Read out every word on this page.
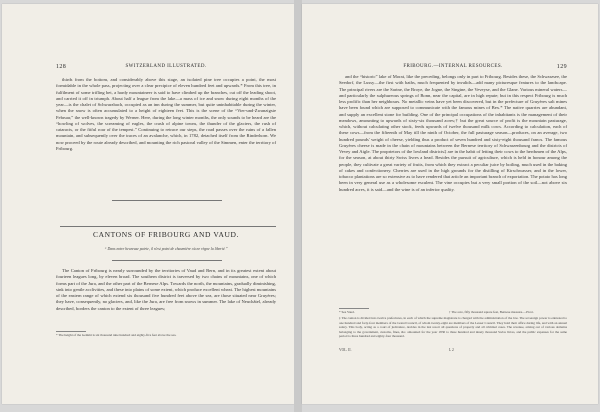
128	SWITZERLAND ILLUSTRATED.

thirds from the bottom, and considerably above this stage, an isolated pine tree occupies a point, the most formidable in the whole pass, projecting over a clear precipice of eleven hundred feet and upwards.* From this tree, in fulfilment of some trifling bet, a hardy mountaineer is said to have climbed up the branches, cut off the leading shoot, and carried it off in triumph. About half a league from the lake—a mass of ice and snow during eight months of the year—is the chalet of Schwarzbach, occupied as an inn during the summer, but quite uninhabitable during the winter, when the snow is often accumulated to a height of eighteen feet. This is the scene of the “Vier-und-Zwanzigste Februar,” the well-known tragedy by Werner. Here, during the long winter months, the only sounds to be heard are the “howling of wolves, the screaming of eagles, the crash of alpine towns, the thunder of the glaciers, the rush of cataracts, or the fitful roar of the tempest.” Continuing to retrace our steps, the road passes over the ruins of a fallen mountain, and subsequently over the traces of an avalanche, which, in 1782, detached itself from the Rinderhorn. We now proceed by the route already described, and mounting the rich pastoral valley of the Simmen, enter the territory of Fribourg.

CANTONS OF FRIBOURG AND VAUD.
“ Dans notre heureuse patrie, il n'est point de chaumière où ne règne la liberté.”

The Canton of Fribourg is nearly surrounded by the territories of Vaud and Bern, and in its greatest extent about fourteen leagues long, by eleven broad. The southern district is traversed by two chains of mountains, one of which forms part of the Jura, and the other part of the Bernese Alps. Towards the north, the mountains, gradually diminishing, sink into gentle acclivities, and these into plains of some extent, which produce excellent wheat. The highest mountains of the eastern range of which extend six thousand five hundred feet above the sea, are those situated near Gruyères; they have, consequently, no glaciers, and, like the Jura, are free from snows in summer. The lake of Neuchâtel, already described, borders the canton to the extent of three leagues;

* The height of the Gemmi is six thousand nine hundred and eighty-five feet above the sea.
FRIBOURG.—INTERNAL RESOURCES.	129

and the “historic” lake of Morat, like the preceding, belongs only in part to Fribourg. Besides these, the Schwarzsee, the Seedorf, the Lussy—the first with baths, much frequented by invalids—add many picturesque features to the landscape. The principal rivers are the Sarine, the Broye, the Jogne, the Singine, the Veveyse, and the Glane. Various mineral waters—and particularly the sulphureous springs of Bonn, near the capital, are in high repute; but in this respect Fribourg is much less prolific than her neighbours. No metallic veins have yet been discovered, but in the prefecture of Gruyères salt mines have been found which are supposed to communicate with the famous mines of Bex.* The native quarries are abundant, and supply an excellent stone for building. One of the principal occupations of the inhabitants is the management of their meadows, amounting to upwards of sixty-six thousand acres;† but the great source of profit is the mountain pasturage, which, without calculating other stock, feeds upwards of twelve thousand milk cows. According to calculation, each of these cows—from the fifteenth of May till the ninth of October, the full pasturage season—produces, on an average, two hundred pounds' weight of cheese, yielding thus a product of seven hundred and sixty-eight thousand francs. The famous Gruyères cheese is made in the chain of mountains between the Bernese territory of Schwarzenbourg and the districts of Vevey and Aigle. The proprietors of the lowland districts‡ are in the habit of letting their cows to the herdsmen of the Alps, for the season, at about thirty Swiss livres a head. Besides the pursuit of agriculture, which is held in honour among the people, they cultivate a great variety of fruits, from which they extract a peculiar juice by boiling, much used in the baking of cakes and confectionery. Cherries are used in the high grounds for the distilling of Kirschwasser, and in the lower, tobacco plantations are so extensive as to have rendered that article an important branch of exportation. The potato has long been in very general use as a wholesome esculent. The vine occupies but a very small portion of the soil—not above six hundred acres, it is said—and the wine is of an inferior quality.

* See Vaud.	† The acre, fifty thousand square feet, Bernese measure.—Picot.
‡ The canton is divided into twelve prefectures, in each of which the supreme magistrate is charged with the administration of the law. The sovereign power is entrusted to one hundred and forty-four members of the Grand Council, of whom twenty-eight are members of the Lesser Council. They hold their office during life, and with an annual salary. This body, acting as a court of judicature, decides in the last resort all questions of property and all criminal cases. The revenue, arising out of various domains belonging to the government, customs, fines, &c. amounted for the year 1830 to three hundred and ninety thousand Swiss livres, and the public expenses for the same period to three hundred and eighty-four thousand.
VOL. II.	L 2
